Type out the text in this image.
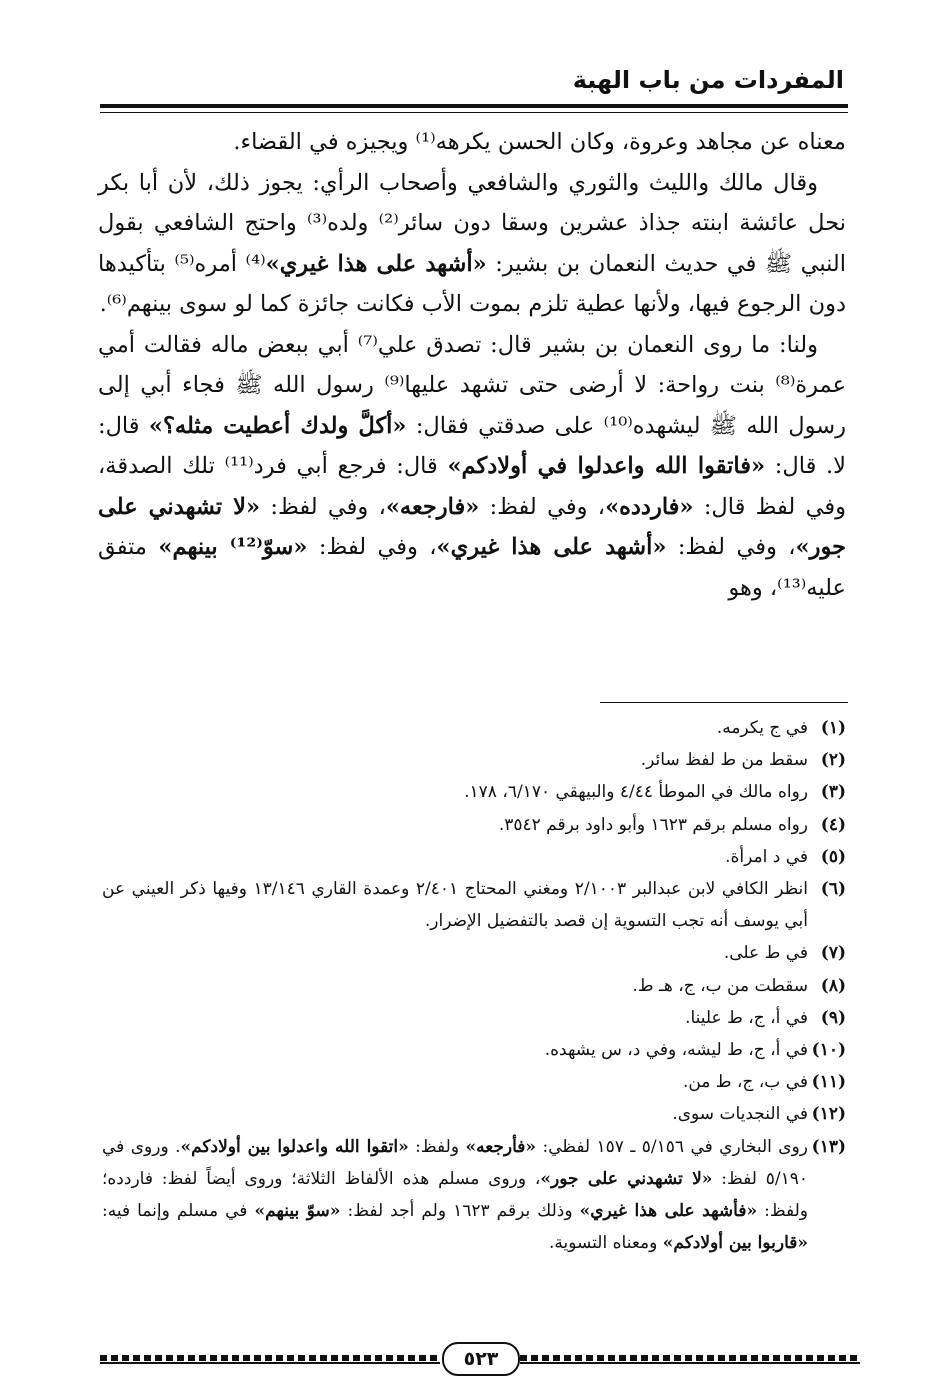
المفردات من باب الهبة

معناه عن مجاهد وعروة، وكان الحسن يكرهه⁽¹⁾ ويجيزه في القضاء.

وقال مالك والليث والثوري والشافعي وأصحاب الرأي: يجوز ذلك، لأن أبا بكر نحل عائشة ابنته جذاذ عشرين وسقا دون سائر⁽²⁾ ولده⁽³⁾ واحتج الشافعي بقول النبي ﷺ في حديث النعمان بن بشير: «أشهد على هذا غيري»⁽⁴⁾ أمره⁽⁵⁾ بتأكيدها دون الرجوع فيها، ولأنها عطية تلزم بموت الأب فكانت جائزة كما لو سوى بينهم⁽⁶⁾.

ولنا: ما روى النعمان بن بشير قال: تصدق علي⁽⁷⁾ أبي ببعض ماله فقالت أمي عمرة⁽⁸⁾ بنت رواحة: لا أرضى حتى تشهد عليها⁽⁹⁾ رسول الله ﷺ فجاء أبي إلى رسول الله ﷺ ليشهده⁽¹⁰⁾ على صدقتي فقال: «أكلَّ ولدك أعطيت مثله؟» قال: لا. قال: «فاتقوا الله واعدلوا في أولادكم» قال: فرجع أبي فرد⁽¹¹⁾ تلك الصدقة، وفي لفظ قال: «فاردده»، وفي لفظ: «فارجعه»، وفي لفظ: «لا تشهدني على جور»، وفي لفظ: «أشهد على هذا غيري»، وفي لفظ: «سوّ⁽¹²⁾ بينهم» متفق عليه⁽¹³⁾، وهو

(١)
في ج يكرمه.
(٢)
سقط من ط لفظ سائر.
(٣)
رواه مالك في الموطأ ٤/٤٤ والبيهقي ٦/١٧٠، ١٧٨.
(٤)
رواه مسلم برقم ١٦٢٣ وأبو داود برقم ٣٥٤٢.
(٥)
في د امرأة.
(٦)
انظر الكافي لابن عبدالبر ٢/١٠٠٣ ومغني المحتاج ٢/٤٠١ وعمدة القاري ١٣/١٤٦ وفيها ذكر العيني عن أبي يوسف أنه تجب التسوية إن قصد بالتفضيل الإضرار.
(٧)
في ط على.
(٨)
سقطت من ب، ج، هـ ط.
(٩)
في أ، ج، ط علينا.
(١٠)
في أ، ج، ط ليشه، وفي د، س يشهده.
(١١)
في ب، ج، ط من.
(١٢)
في النجديات سوى.
(١٣)
روى البخاري في ٥/١٥٦ ـ ١٥٧ لفظي: «فأرجعه» ولفظ: «اتقوا الله واعدلوا بين أولادكم». وروى في ٥/١٩٠ لفظ: «لا تشهدني على جور»، وروى مسلم هذه الألفاظ الثلاثة؛ وروى أيضاً لفظ: فاردده؛ ولفظ: «فأشهد على هذا غيري» وذلك برقم ١٦٢٣ ولم أجد لفظ: «سوّ بينهم» في مسلم وإنما فيه: «قاربوا بين أولادكم» ومعناه التسوية.
٥٢٣
